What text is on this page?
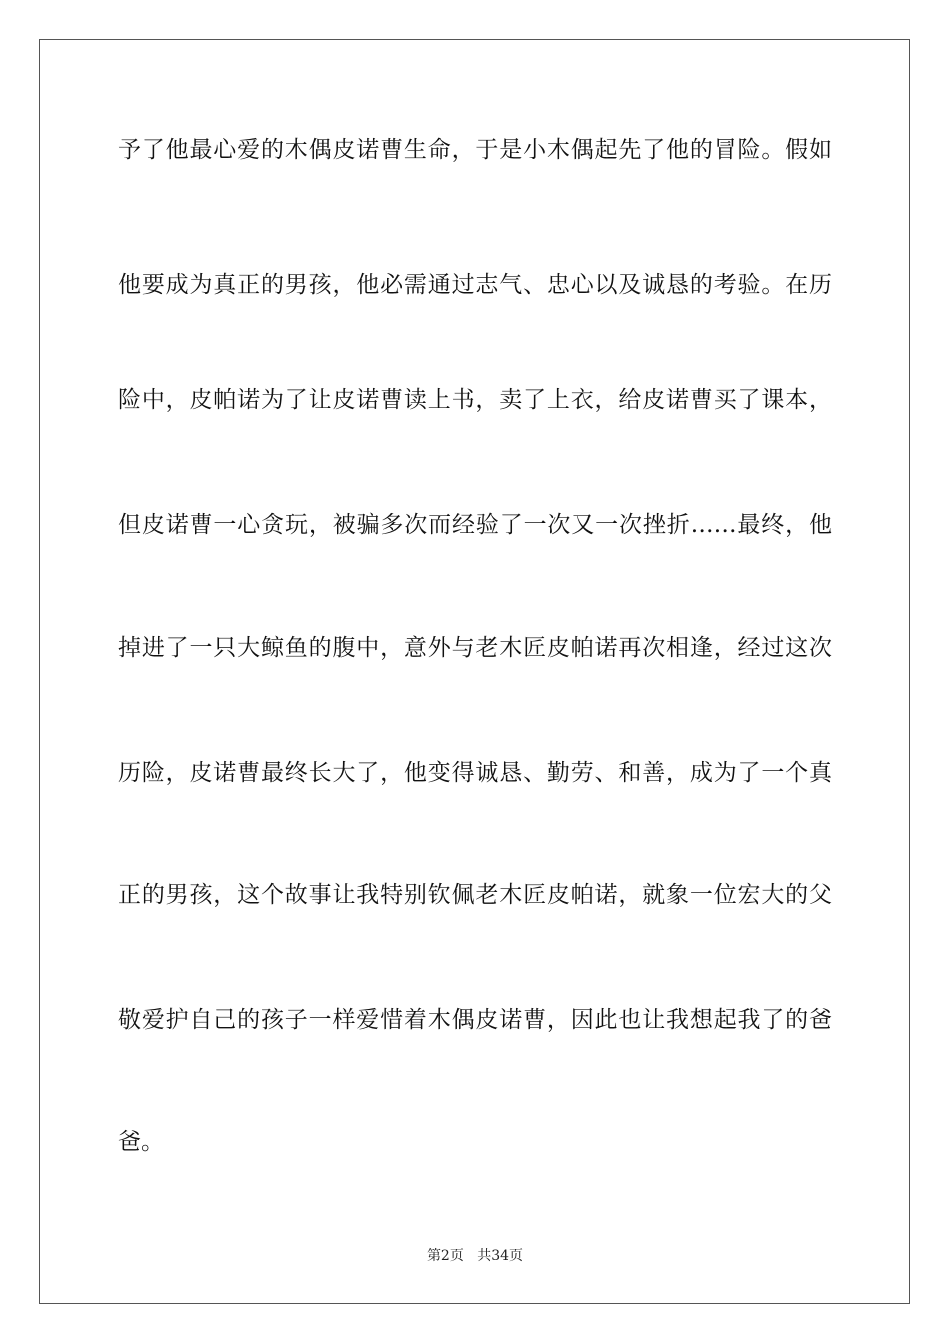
予了他最心爱的木偶皮诺曹生命，于是小木偶起先了他的冒险。假如
他要成为真正的男孩，他必需通过志气、忠心以及诚恳的考验。在历
险中，皮帕诺为了让皮诺曹读上书，卖了上衣，给皮诺曹买了课本，
但皮诺曹一心贪玩，被骗多次而经验了一次又一次挫折……最终，他
掉进了一只大鲸鱼的腹中，意外与老木匠皮帕诺再次相逢，经过这次
历险，皮诺曹最终长大了，他变得诚恳、勤劳、和善，成为了一个真
正的男孩，这个故事让我特别钦佩老木匠皮帕诺，就象一位宏大的父
敬爱护自己的孩子一样爱惜着木偶皮诺曹，因此也让我想起我了的爸
爸。
第2页 共34页
